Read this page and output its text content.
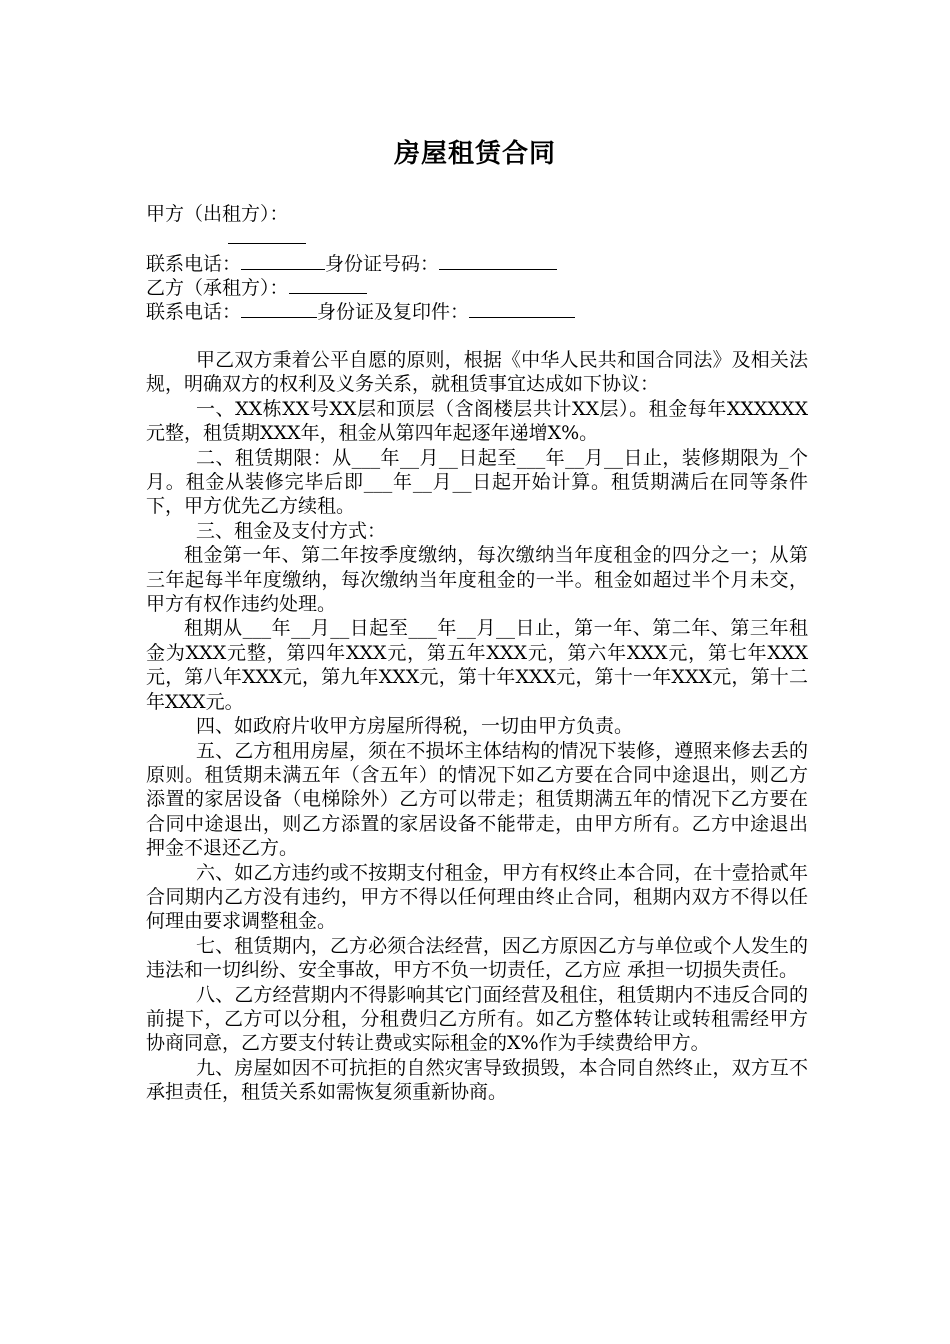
房屋租赁合同
甲方（出租方）：
联系电话：	身份证号码：
乙方（承租方）：
联系电话：	身份证及复印件：

甲乙双方秉着公平自愿的原则，根据《中华人民共和国合同法》及相关法规，明确双方的权利及义务关系，就租赁事宜达成如下协议：

一、XX栋XX号XX层和顶层（含阁楼层共计XX层）。租金每年XXXXXX元整，租赁期XXX年，租金从第四年起逐年递增X%。

二、租赁期限：从___年__月__日起至___年__月__日止，装修期限为_个月。租金从装修完毕后即___年__月__日起开始计算。租赁期满后在同等条件下，甲方优先乙方续租。

三、租金及支付方式：

租金第一年、第二年按季度缴纳，每次缴纳当年度租金的四分之一；从第三年起每半年度缴纳，每次缴纳当年度租金的一半。租金如超过半个月未交，甲方有权作违约处理。

租期从___年__月__日起至___年__月__日止，第一年、第二年、第三年租金为XXX元整，第四年XXX元，第五年XXX元，第六年XXX元，第七年XXX元，第八年XXX元，第九年XXX元，第十年XXX元，第十一年XXX元，第十二年XXX元。

四、如政府片收甲方房屋所得税，一切由甲方负责。

五、乙方租用房屋，须在不损坏主体结构的情况下装修，遵照来修去丢的原则。租赁期未满五年（含五年）的情况下如乙方要在合同中途退出，则乙方添置的家居设备（电梯除外）乙方可以带走；租赁期满五年的情况下乙方要在合同中途退出，则乙方添置的家居设备不能带走，由甲方所有。乙方中途退出押金不退还乙方。

六、如乙方违约或不按期支付租金，甲方有权终止本合同，在十壹拾贰年合同期内乙方没有违约，甲方不得以任何理由终止合同，租期内双方不得以任何理由要求调整租金。

七、租赁期内，乙方必须合法经营，因乙方原因乙方与单位或个人发生的违法和一切纠纷、安全事故，甲方不负一切责任，乙方应 承担一切损失责任。

八、乙方经营期内不得影响其它门面经营及租住，租赁期内不违反合同的前提下，乙方可以分租，分租费归乙方所有。如乙方整体转让或转租需经甲方协商同意，乙方要支付转让费或实际租金的X%作为手续费给甲方。

九、房屋如因不可抗拒的自然灾害导致损毁，本合同自然终止，双方互不承担责任，租赁关系如需恢复须重新协商。
